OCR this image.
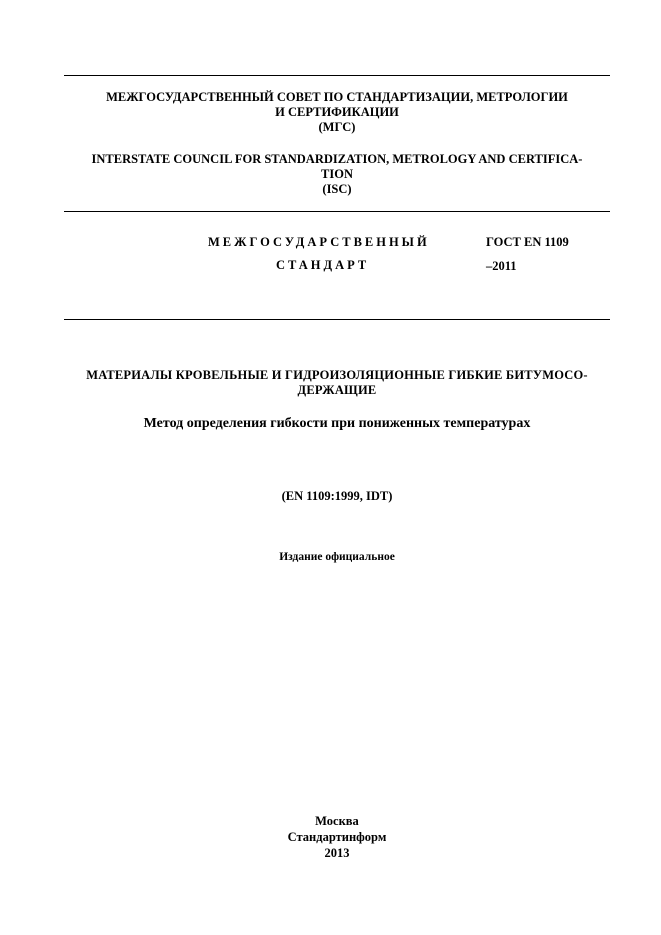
МЕЖГОСУДАРСТВЕННЫЙ СОВЕТ ПО СТАНДАРТИЗАЦИИ, МЕТРОЛОГИИ
И СЕРТИФИКАЦИИ
(МГС)
INTERSTATE COUNCIL FOR STANDARDIZATION, METROLOGY AND CERTIFICA-
TION
(ISC)
МЕЖГОСУДАРСТВЕННЫЙ
СТАНДАРТ
ГОСТ EN 1109
–2011
МАТЕРИАЛЫ КРОВЕЛЬНЫЕ И ГИДРОИЗОЛЯЦИОННЫЕ ГИБКИЕ БИТУМОСО-
ДЕРЖАЩИЕ
Метод определения гибкости при пониженных температурах
(EN 1109:1999, IDT)
Издание официальное
Москва
Стандартинформ
2013
